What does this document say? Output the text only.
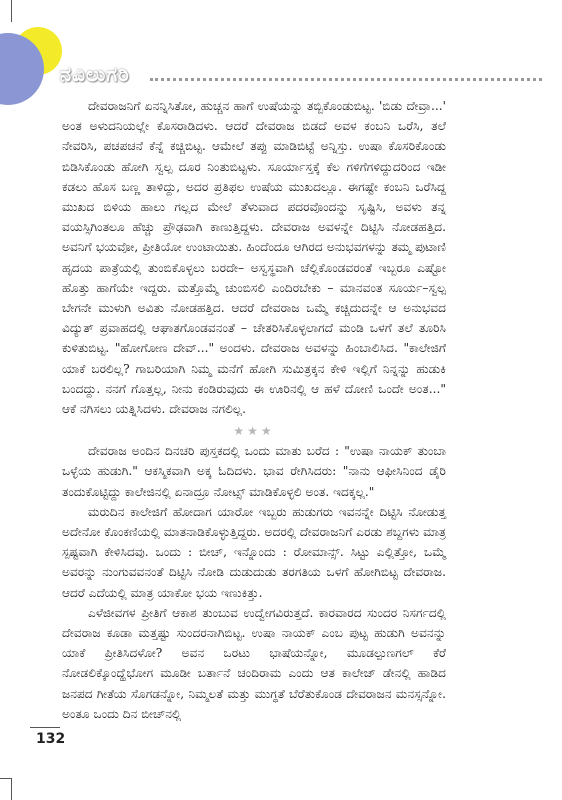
ನವಿಲುಗರಿ

ದೇವರಾಜನಿಗೆ ಏನನ್ನಿಸಿತೋ, ಹುಚ್ಚನ ಹಾಗೆ ಉಷೆಯನ್ನು ತಬ್ಬಿಕೊಂಡುಬಿಟ್ಟ. 'ಬಿಡು ದೇವ್ರಾ...' ಅಂತ ಅಳುದನಿಯಲ್ಲೇ ಕೊಸರಾಡಿದಳು. ಆದರೆ ದೇವರಾಜ ಬಿಡದೆ ಅವಳ ಕಂಬನಿ ಒರೆಸಿ, ತಲೆ ನೇವರಿಸಿ, ಪಚಪಚನೆ ಕೆನ್ನೆ ಕಚ್ಚಿಬಿಟ್ಟ. ಆಮೇಲೆ ತಪ್ಪು ಮಾಡಿಬಿಟ್ಟೆ ಅನ್ನಿಸ್ತು. ಉಷಾ ಕೊಸರಿಕೊಂಡು ಬಿಡಿಸಿಕೊಂಡು ಹೋಗಿ ಸ್ವಲ್ಪ ದೂರ ನಿಂತುಬಿಟ್ಟಳು. ಸೂರ್ಯಾಸ್ತಕ್ಕೆ ಕೆಲ ಗಳಿಗೆಗಳಿದ್ದುದರಿಂದ ಇಡೀ ಕಡಲು ಹೊಸ ಬಣ್ಣ ತಾಳಿದ್ದು, ಅದರ ಪ್ರತಿಫಲ ಉಷೆಯ ಮುಖದಲ್ಲೂ. ಈಗಷ್ಟೇ ಕಂಬನಿ ಒರೆಸಿದ್ದ ಮುಖದ ಬಿಳಿಯ ಹಾಲು ಗಲ್ಲದ ಮೇಲೆ ತೆಳುವಾದ ಪದರವೊಂದನ್ನು ಸೃಷ್ಟಿಸಿ, ಅವಳು ತನ್ನ ವಯಸ್ಸಿಗಿಂತಲೂ ಹೆಚ್ಚು ಪ್ರೌಢವಾಗಿ ಕಾಣುತ್ತಿದ್ದಳು. ದೇವರಾಜ ಅವಳನ್ನೇ ದಿಟ್ಟಿಸಿ ನೋಡಹತ್ತಿದ. ಅವನಿಗೆ ಭಯವೋ, ಪ್ರೀತಿಯೋ ಉಂಟಾಯಿತು. ಹಿಂದೆಂದೂ ಆಗಿರದ ಅನುಭವಗಳನ್ನು ತಮ್ಮ ಪುಟಾಣಿ ಹೃದಯ ಪಾತ್ರೆಯಲ್ಲಿ ತುಂಬಿಕೊಳ್ಳಲು ಬರದೇ– ಅಸ್ವಸ್ಥವಾಗಿ ಚೆಲ್ಲಿಕೊಂಡವರಂತೆ ಇಬ್ಬರೂ ಎಷ್ಟೋ ಹೊತ್ತು ಹಾಗೆಯೇ ಇದ್ದರು. ಮತ್ತೊಮ್ಮೆ ಚುಂಬಿಸಲಿ ಎಂದಿರಬೇಕು – ಮಾನವಂತ ಸೂರ್ಯ–ಸ್ವಲ್ಪ ಬೇಗನೇ ಮುಳುಗಿ ಅವಿತು ನೋಡಹತ್ತಿದ. ಆದರೆ ದೇವರಾಜ ಒಮ್ಮೆ ಕಚ್ಚಿದುದನ್ನೇ ಆ ಅನುಭವದ ವಿದ್ಯುತ್ ಪ್ರವಾಹದಲ್ಲಿ ಆಘಾತಗೊಂಡವನಂತೆ – ಚೇತರಿಸಿಕೊಳ್ಳಲಾಗದೆ ಮಂಡಿ ಒಳಗೆ ತಲೆ ತೂರಿಸಿ ಕುಳಿತುಬಿಟ್ಟ. "ಹೋಗೋಣ ದೇವ್..." ಅಂದಳು. ದೇವರಾಜ ಅವಳನ್ನು ಹಿಂಬಾಲಿಸಿದ. "ಕಾಲೇಜಿಗೆ ಯಾಕೆ ಬರಲಿಲ್ಲ? ಗಾಬರಿಯಾಗಿ ನಿಮ್ಮ ಮನೆಗೆ ಹೋಗಿ ಸುಮಿತ್ರಕ್ಕನ ಕೇಳಿ ಇಲ್ಲಿಗೆ ನಿನ್ನನ್ನು ಹುಡುಕಿ ಬಂದದ್ದು. ನನಗೆ ಗೊತ್ತಲ್ಲ, ನೀನು ಕಂಡಿರುವುದು ಈ ಊರಿನಲ್ಲಿ ಆ ಹಳೆ ದೋಣಿ ಒಂದೇ ಅಂತ..." ಆಕೆ ನಗಿಸಲು ಯತ್ನಿಸಿದಳು. ದೇವರಾಜ ನಗಲಿಲ್ಲ.

★★★

ದೇವರಾಜ ಅಂದಿನ ದಿನಚರಿ ಪುಸ್ತಕದಲ್ಲಿ ಒಂದು ಮಾತು ಬರೆದ : "ಉಷಾ ನಾಯಕ್ ತುಂಬಾ ಒಳ್ಳೆಯ ಹುಡುಗಿ." ಆಕಸ್ಮಿಕವಾಗಿ ಅಕ್ಕ ಓದಿದಳು. ಭಾವ ರೇಗಿಸಿದರು: "ನಾನು ಆಫೀಸಿನಿಂದ ಡೈರಿ ತಂದುಕೊಟ್ಟಿದ್ದು ಕಾಲೇಜಿನಲ್ಲಿ ಏನಾದ್ರೂ ನೋಟ್ಸ್ ಮಾಡಿಕೊಳ್ಳಲಿ ಅಂತ. ಇದಕ್ಕಲ್ಲ."

ಮರುದಿನ ಕಾಲೇಜಿಗೆ ಹೋದಾಗ ಯಾರೋ ಇಬ್ಬರು ಹುಡುಗರು ಇವನನ್ನೇ ದಿಟ್ಟಿಸಿ ನೋಡುತ್ತ ಅದೇನೋ ಕೊಂಕಣಿಯಲ್ಲಿ ಮಾತನಾಡಿಕೊಳ್ಳುತ್ತಿದ್ದರು. ಅದರಲ್ಲಿ ದೇವರಾಜನಿಗೆ ಎರಡು ಶಬ್ದಗಳು ಮಾತ್ರ ಸ್ಪಷ್ಟವಾಗಿ ಕೇಳಿಸಿದವು. ಒಂದು : ಬೀಚ್, ಇನ್ನೊಂದು : ರೋಮಾನ್ಸ್. ಸಿಟ್ಟು ಎಲ್ಲಿತ್ತೋ, ಒಮ್ಮೆ ಅವರನ್ನು ನುಂಗುವವನಂತೆ ದಿಟ್ಟಿಸಿ ನೋಡಿ ದುಡುದುಡು ತರಗತಿಯ ಒಳಗೆ ಹೋಗಿಬಿಟ್ಟ ದೇವರಾಜ. ಆದರೆ ಎದೆಯಲ್ಲಿ ಮಾತ್ರ ಯಾಕೋ ಭಯ ಇಣುಕಿತ್ತು.

ಎಳೆಜೀವಗಳ ಪ್ರೀತಿಗೆ ಆಕಾಶ ತುಂಬುವ ಉದ್ವೇಗವಿರುತ್ತದೆ. ಕಾರವಾರದ ಸುಂದರ ನಿಸರ್ಗದಲ್ಲಿ ದೇವರಾಜ ಕೂಡಾ ಮತ್ತಷ್ಟು ಸುಂದರನಾಗಿಬಿಟ್ಟ. ಉಷಾ ನಾಯಕ್ ಎಂಬ ಪುಟ್ಟ ಹುಡುಗಿ ಅವನನ್ನು ಯಾಕೆ ಪ್ರೀತಿಸಿದಳೋ? ಅವನ ಒರಟು ಭಾಷೆಯನ್ನೋ, ಮೂಡಲ್ಪುಣಗಲ್ ಕೆರೆ ನೋಡಲಿಕ್ಕೊಂದ್ಹೆಭೋಗ ಮೂಡೀ ಬರ್ತಾನೆ ಚಂದಿರಾಮ ಎಂದು ಆತ ಕಾಲೇಜ್ ಡೇನಲ್ಲಿ ಹಾಡಿದ ಜನಪದ ಗೀತೆಯ ಸೊಗಡನ್ನೋ, ನಿಮ್ಮಲತೆ ಮತ್ತು ಮುಗ್ಧತೆ ಬೆರೆತುಕೊಂಡ ದೇವರಾಜನ ಮನಸ್ಸನ್ನೋ. ಅಂತೂ ಒಂದು ದಿನ ಬೀಚ್‌ನಲ್ಲಿ

132
